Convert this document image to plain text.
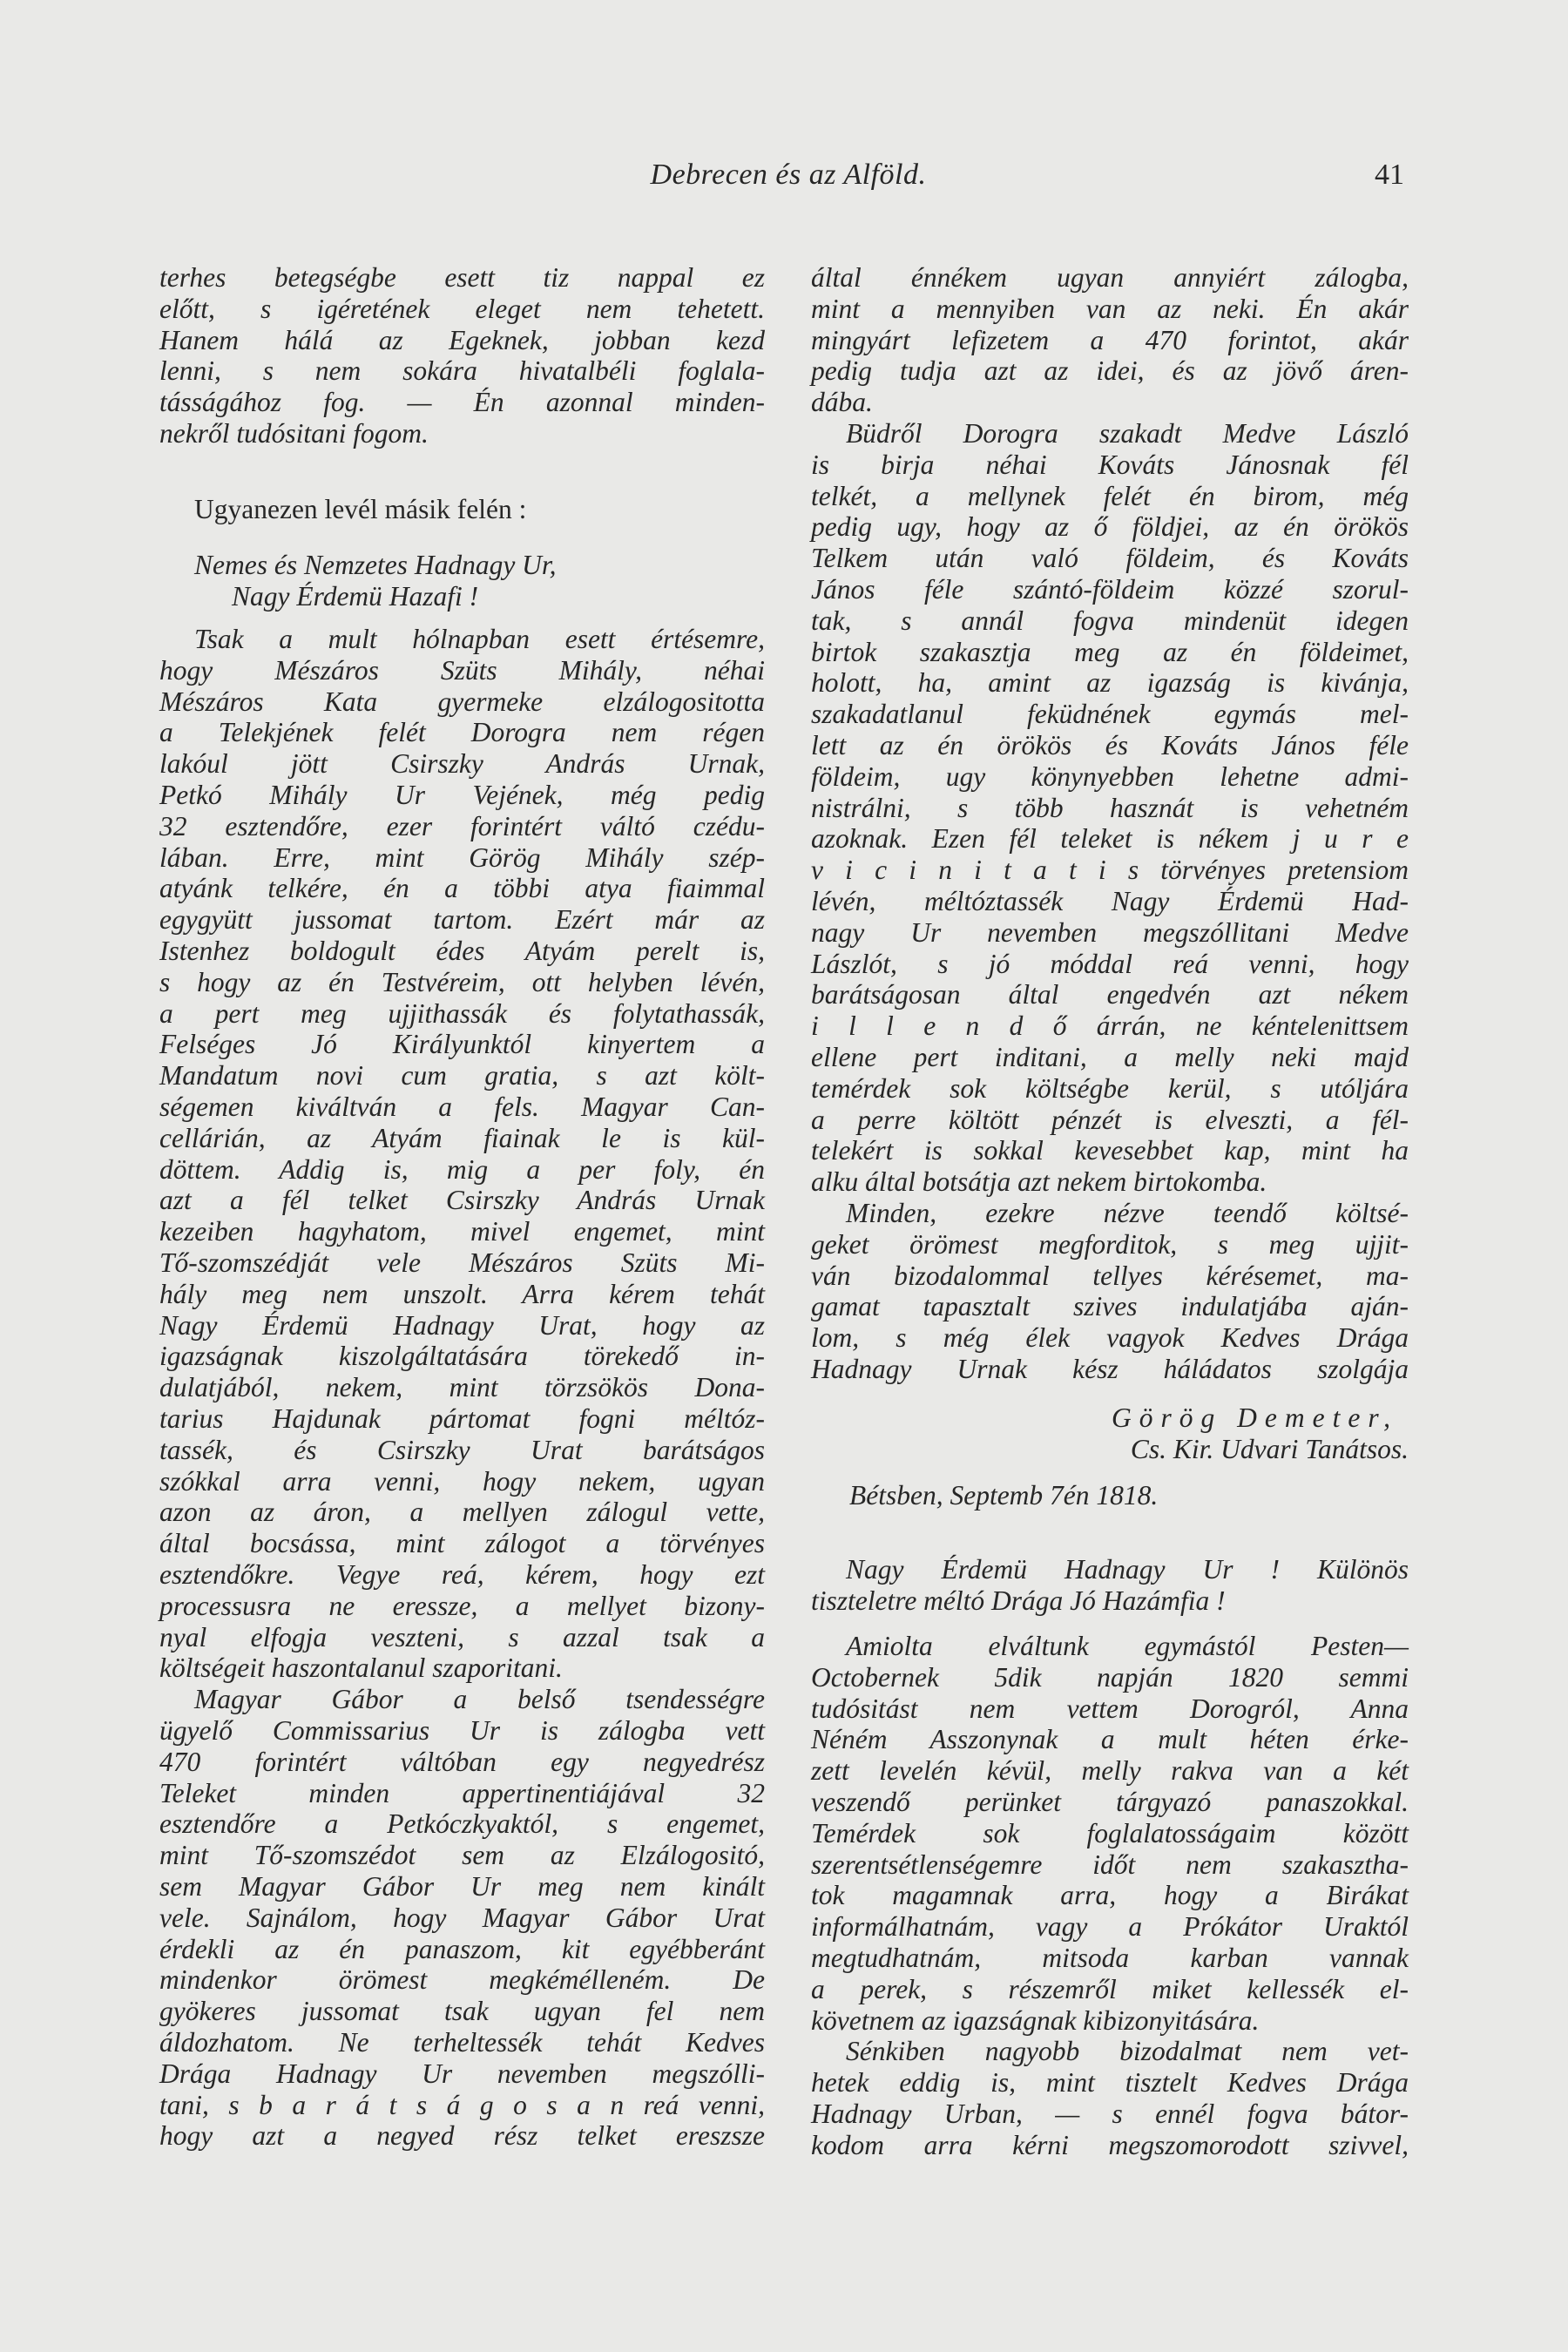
Debrecen és az Alföld.	41
terhes betegségbe esett tiz nappal ez
előtt, s igéretének eleget nem tehetett.
Hanem hálá az Egeknek, jobban kezd
lenni, s nem sokára hivatalbéli foglala-
tásságához fog. — Én azonnal minden-
nekről tudósitani fogom.
Ugyanezen levél másik felén :
Nemes és Nemzetes Hadnagy Ur,
Nagy Érdemü Hazafi !
Tsak a mult hólnapban esett értésemre,
hogy Mészáros Szüts Mihály, néhai
Mészáros Kata gyermeke elzálogositotta
a Telekjének felét Dorogra nem régen
lakóul jött Csirszky András Urnak,
Petkó Mihály Ur Vejének, még pedig
32 esztendőre, ezer forintért váltó czédu-
lában. Erre, mint Görög Mihály szép-
atyánk telkére, én a többi atya fiaimmal
egygyütt jussomat tartom. Ezért már az
Istenhez boldogult édes Atyám perelt is,
s hogy az én Testvéreim, ott helyben lévén,
a pert meg ujjithassák és folytathassák,
Felséges Jó Királyunktól kinyertem a
Mandatum novi cum gratia, s azt költ-
ségemen kiváltván a fels. Magyar Can-
cellárián, az Atyám fiainak le is kül-
döttem. Addig is, mig a per foly, én
azt a fél telket Csirszky András Urnak
kezeiben hagyhatom, mivel engemet, mint
Tő-szomszédját vele Mészáros Szüts Mi-
hály meg nem unszolt. Arra kérem tehát
Nagy Érdemü Hadnagy Urat, hogy az
igazságnak kiszolgáltatására törekedő in-
dulatjából, nekem, mint törzsökös Dona-
tarius Hajdunak pártomat fogni méltóz-
tassék, és Csirszky Urat barátságos
szókkal arra venni, hogy nekem, ugyan
azon az áron, a mellyen zálogul vette,
által bocsássa, mint zálogot a törvényes
esztendőkre. Vegye reá, kérem, hogy ezt
processusra ne eressze, a mellyet bizony-
nyal elfogja veszteni, s azzal tsak a
költségeit haszontalanul szaporitani.
Magyar Gábor a belső tsendességre
ügyelő Commissarius Ur is zálogba vett
470 forintért váltóban egy negyedrész
Teleket minden appertinentiájával 32
esztendőre a Petkóczkyaktól, s engemet,
mint Tő-szomszédot sem az Elzálogositó,
sem Magyar Gábor Ur meg nem kinált
vele. Sajnálom, hogy Magyar Gábor Urat
érdekli az én panaszom, kit egyébberánt
mindenkor örömest megkémélleném. De
gyökeres jussomat tsak ugyan fel nem
áldozhatom. Ne terheltessék tehát Kedves
Drága Hadnagy Ur nevemben megszólli-
tani, s b a r á t s á g o s a n reá venni,
hogy azt a negyed rész telket ereszsze
által énnékem ugyan annyiért zálogba,
mint a mennyiben van az neki. Én akár
mingyárt lefizetem a 470 forintot, akár
pedig tudja azt az idei, és az jövő áren-
dába.
Büdről Dorogra szakadt Medve László
is birja néhai Kováts Jánosnak fél
telkét, a mellynek felét én birom, még
pedig ugy, hogy az ő földjei, az én örökös
Telkem után való földeim, és Kováts
János féle szántó-földeim közzé szorul-
tak, s annál fogva mindenüt idegen
birtok szakasztja meg az én földeimet,
holott, ha, amint az igazság is kivánja,
szakadatlanul feküdnének egymás mel-
lett az én örökös és Kováts János féle
földeim, ugy könynyebben lehetne admi-
nistrálni, s több hasznát is vehetném
azoknak. Ezen fél teleket is nékem j u r e
v i c i n i t a t i s törvényes pretensiom
lévén, méltóztassék Nagy Érdemü Had-
nagy Ur nevemben megszóllitani Medve
Lászlót, s jó móddal reá venni, hogy
barátságosan által engedvén azt nékem
i l l e n d ő árrán, ne kéntelenittsem
ellene pert inditani, a melly neki majd
temérdek sok költségbe kerül, s utóljára
a perre költött pénzét is elveszti, a fél-
telekért is sokkal kevesebbet kap, mint ha
alku által botsátja azt nekem birtokomba.
Minden, ezekre nézve teendő költsé-
geket örömest megforditok, s meg ujjit-
ván bizodalommal tellyes kérésemet, ma-
gamat tapasztalt szives indulatjába aján-
lom, s még élek vagyok Kedves Drága
Hadnagy Urnak kész háládatos szolgája
Görög Demeter,
Cs. Kir. Udvari Tanátsos.
Bétsben, Septemb 7én 1818.
Nagy Érdemü Hadnagy Ur ! Különös
tiszteletre méltó Drága Jó Hazámfia !
Amiolta elváltunk egymástól Pesten—
Octobernek 5dik napján 1820 semmi
tudósitást nem vettem Dorogról, Anna
Néném Asszonynak a mult héten érke-
zett levelén kévül, melly rakva van a két
veszendő perünket tárgyazó panaszokkal.
Temérdek sok foglalatosságaim között
szerentsétlenségemre időt nem szakasztha-
tok magamnak arra, hogy a Birákat
informálhatnám, vagy a Prókátor Uraktól
megtudhatnám, mitsoda karban vannak
a perek, s részemről miket kellessék el-
követnem az igazságnak kibizonyitására.
Sénkiben nagyobb bizodalmat nem vet-
hetek eddig is, mint tisztelt Kedves Drága
Hadnagy Urban, — s ennél fogva bátor-
kodom arra kérni megszomorodott szivvel,
